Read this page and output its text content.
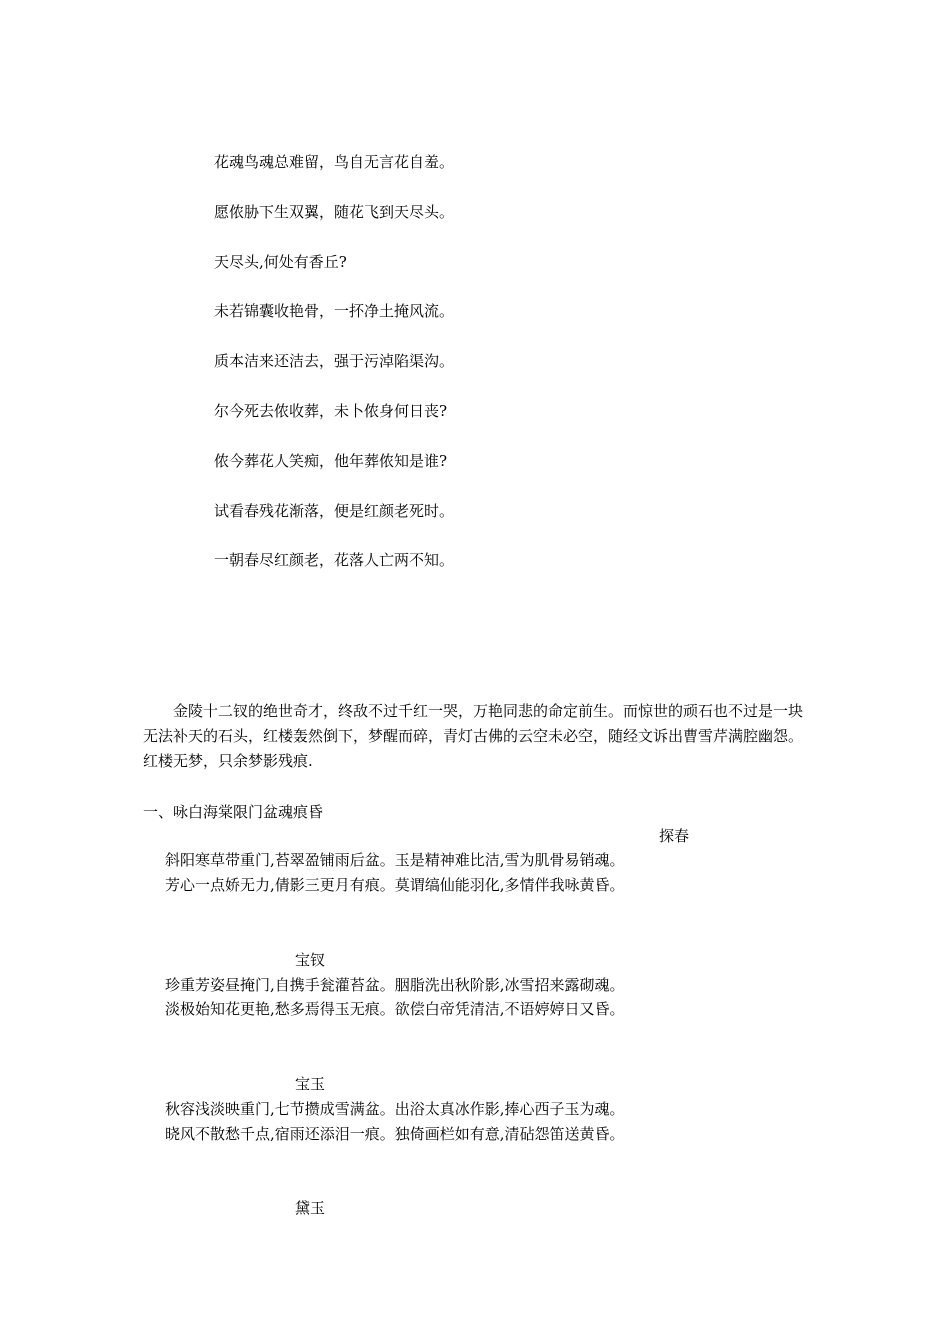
花魂鸟魂总难留，鸟自无言花自羞。
愿侬胁下生双翼，随花飞到天尽头。
天尽头,何处有香丘?
未若锦囊收艳骨，一抔净土掩风流。
质本洁来还洁去，强于污淖陷渠沟。
尔今死去侬收葬，未卜侬身何日丧?
侬今葬花人笑痴，他年葬侬知是谁?
试看春残花渐落，便是红颜老死时。
一朝春尽红颜老，花落人亡两不知。
金陵十二钗的绝世奇才，终敌不过千红一哭，万艳同悲的命定前生。而惊世的顽石也不过是一块无法补天的石头，红楼轰然倒下，梦醒而碎，青灯古佛的云空未必空，随经文诉出曹雪芹满腔幽怨。红楼无梦，只余梦影残痕.
一、咏白海棠限门盆魂痕昏
探春
斜阳寒草带重门,苔翠盈铺雨后盆。玉是精神难比洁,雪为肌骨易销魂。
芳心一点娇无力,倩影三更月有痕。莫谓缟仙能羽化,多情伴我咏黄昏。
宝钗
珍重芳姿昼掩门,自携手瓮灌苔盆。胭脂洗出秋阶影,冰雪招来露砌魂。
淡极始知花更艳,愁多焉得玉无痕。欲偿白帝凭清洁,不语婷婷日又昏。
宝玉
秋容浅淡映重门,七节攒成雪满盆。出浴太真冰作影,捧心西子玉为魂。
晓风不散愁千点,宿雨还添泪一痕。独倚画栏如有意,清砧怨笛送黄昏。
黛玉
